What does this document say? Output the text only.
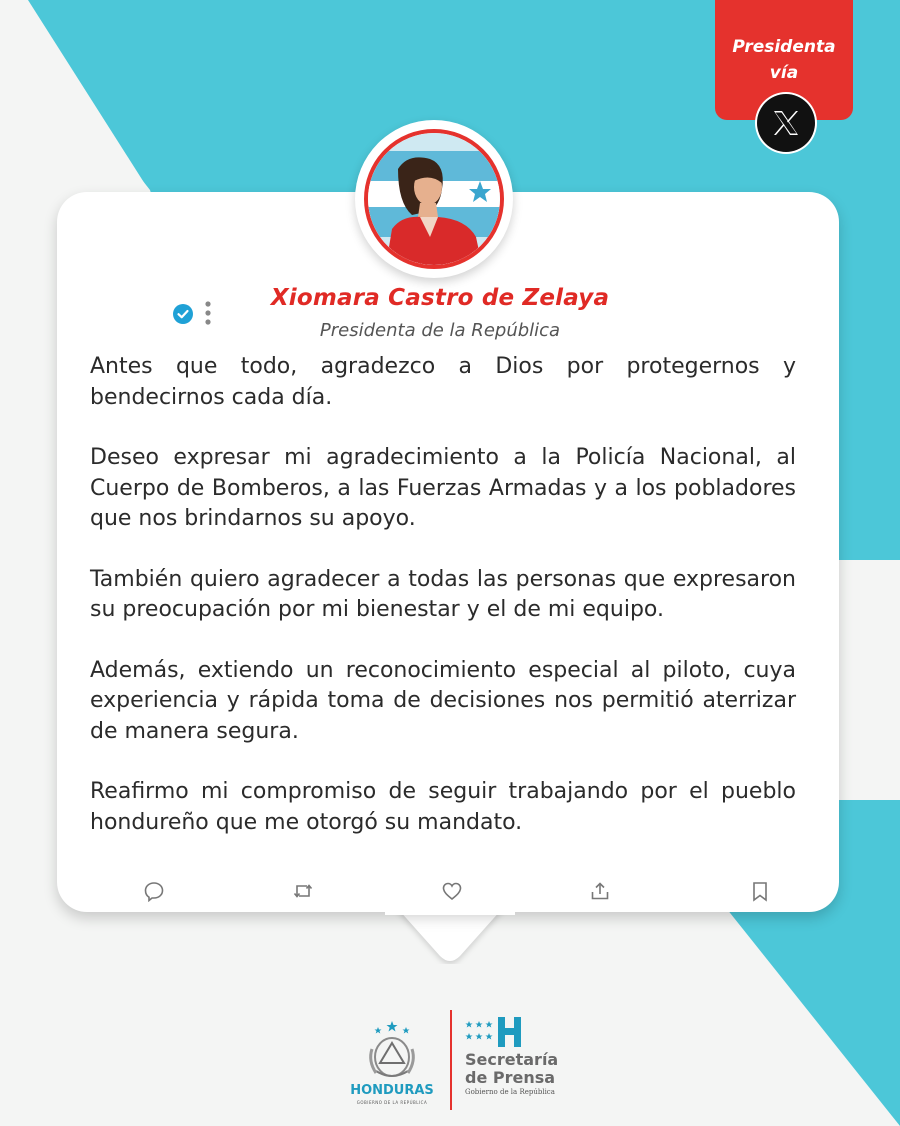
Presidenta
vía
Xiomara Castro de Zelaya
Presidenta de la República

Antes que todo, agradezco a Dios por protegernos y bendecirnos cada día.

Deseo expresar mi agradecimiento a la Policía Nacional, al Cuerpo de Bomberos, a las Fuerzas Armadas y a los pobladores que nos brindarnos su apoyo.

También quiero agradecer a todas las personas que expresaron su preocupación por mi bienestar y el de mi equipo.

Además, extiendo un reconocimiento especial al piloto, cuya experiencia y rápida toma de decisiones nos permitió aterrizar de manera segura.

Reafirmo mi compromiso de seguir trabajando por el pueblo hondureño que me otorgó su mandato.

HONDURAS
GOBIERNO DE LA REPÚBLICA
Secretaría
de Prensa
Gobierno de la República
